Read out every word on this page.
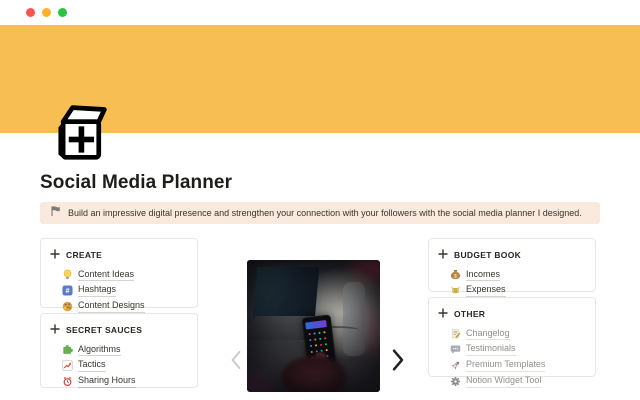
Social Media Planner
Build an impressive digital presence and strengthen your connection with your followers with the social media planner I designed.
CREATE
Content Ideas
# Hashtags
Content Designs
SECRET SAUCES
Algorithms
Tactics
Sharing Hours
BUDGET BOOK
$ Incomes
Expenses
OTHER
Changelog
Testimonials
Premium Templates
Notion Widget Tool
